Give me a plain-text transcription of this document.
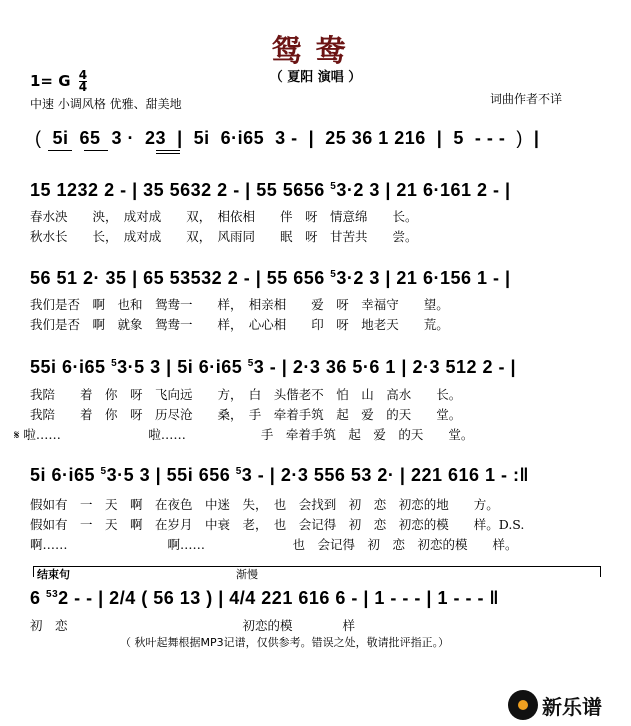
鸳鸯
（ 夏阳 演唱 ）
1= G $\frac{4}{4}$
中速 小调风格 优雅、甜美地	词曲作者不详
(  5i  65  3 ·  23  |  5i  6·i65  3 -  |  25 36 1 216  |  5  - - -  )  |
15 1232 2 - | 35 5632 2 - | 55 5656 $^5$3·2 3 | 21 6·161 2 - |
春水泱　　泱，　成对成　　双，　相依相　　伴　呀　情意绵　　长。
秋水长　　长，　成对成　　双，　风雨同　　眠　呀　甘苦共　　尝。
56 51 2· 35 | 65 53532 2 - | 55 656 $^5$3·2 3 | 21 6·156 1 - |
我们是否　啊　也和　鸳鸯一　　样，　相亲相　　爱　呀　幸福守　　望。
我们是否　啊　就象　鸳鸯一　　样，　心心相　　印　呀　地老天　　荒。
55i 6·i65 $^5$3·5 3 | 5i 6·i65 $^5$3 - | 2·3 36 5·6 1 | 2·3 512 2 - |
我陪　　着　你　呀　飞向远　　方，　白　头偕老不　怕　山　高水　　长。
我陪　　着　你　呀　历尽沧　　桑，　手　牵着手筑　起　爱　的天　　堂。
𝄋 啦……　　　　　　　啦……　　　　　　手　牵着手筑　起　爱　的天　　堂。
5i 6·i65 $^5$3·5 3 | 55i 656 $^5$3 - | 2·3 556 53 2· | 221 616 1 - :‖
假如有　一　天　啊　在夜色　中迷　失，　也　会找到　初　恋　初恋的地　　方。
假如有　一　天　啊　在岁月　中衰　老，　也　会记得　初　恋　初恋的模　　样。D.S.
啊……　　　　　　　　啊……　　　　　　　也　会记得　初　恋　初恋的模　　样。
结束句	渐慢
6 $^{53}$2 - - | 2/4 ( 56 13 ) | 4/4 221 616 6 - | 1 - - - | 1 - - - ‖
初　恋　　　　　　　　　　　　　　初恋的模　　　　样
（ 秋叶起舞根据MP3记谱，仅供参考。错误之处，敬请批评指正。）
新乐谱
